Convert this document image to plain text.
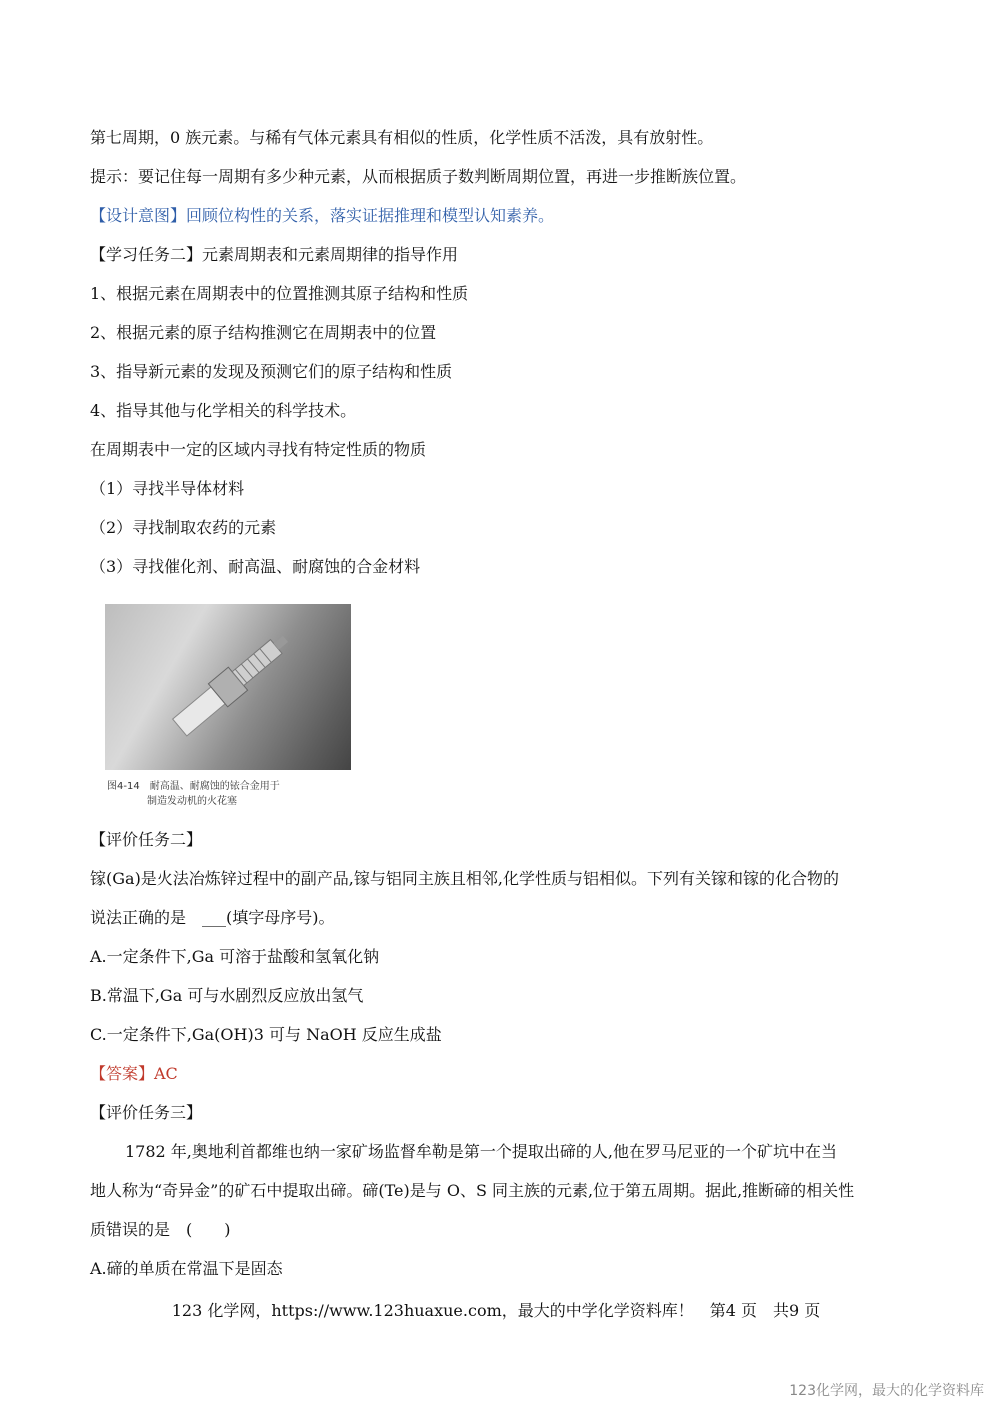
第七周期，0 族元素。与稀有气体元素具有相似的性质，化学性质不活泼，具有放射性。
提示：要记住每一周期有多少种元素，从而根据质子数判断周期位置，再进一步推断族位置。
【设计意图】回顾位构性的关系，落实证据推理和模型认知素养。
【学习任务二】元素周期表和元素周期律的指导作用
1、根据元素在周期表中的位置推测其原子结构和性质
2、根据元素的原子结构推测它在周期表中的位置
3、指导新元素的发现及预测它们的原子结构和性质
4、指导其他与化学相关的科学技术。
在周期表中一定的区域内寻找有特定性质的物质
（1）寻找半导体材料
（2）寻找制取农药的元素
（3）寻找催化剂、耐高温、耐腐蚀的合金材料
图4-14　耐高温、耐腐蚀的铱合金用于
制造发动机的火花塞
【评价任务二】
镓(Ga)是火法冶炼锌过程中的副产品,镓与铝同主族且相邻,化学性质与铝相似。下列有关镓和镓的化合物的
说法正确的是　___(填字母序号)。
A.一定条件下,Ga 可溶于盐酸和氢氧化钠
B.常温下,Ga 可与水剧烈反应放出氢气
C.一定条件下,Ga(OH)3 可与 NaOH 反应生成盐
【答案】AC
【评价任务三】
1782 年,奥地利首都维也纳一家矿场监督牟勒是第一个提取出碲的人,他在罗马尼亚的一个矿坑中在当
地人称为“奇异金”的矿石中提取出碲。碲(Te)是与 O、S 同主族的元素,位于第五周期。据此,推断碲的相关性
质错误的是　(　　)
A.碲的单质在常温下是固态
123 化学网，https://www.123huaxue.com，最大的中学化学资料库！　第4 页　共9 页
123化学网，最大的化学资料库
